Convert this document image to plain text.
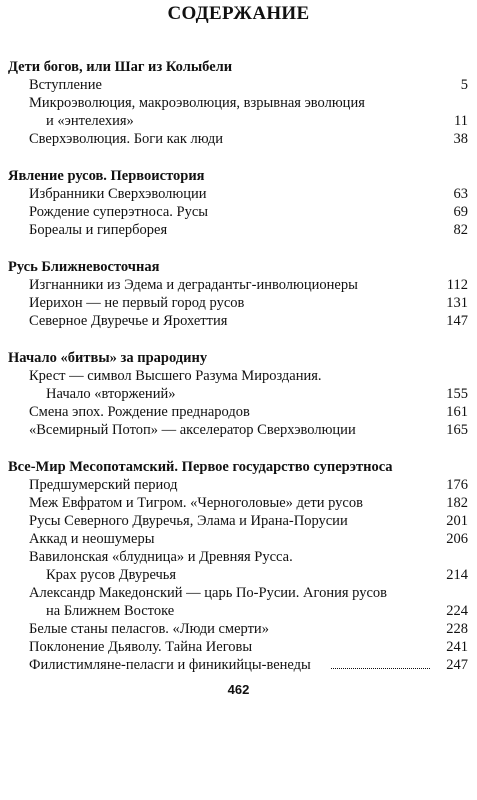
СОДЕРЖАНИЕ
Дети богов, или Шаг из Колыбели
Вступление	5
Микроэволюция, макроэволюция, взрывная эволюция
и «энтелехия»	11
Сверхэволюция. Боги как люди	38
Явление русов. Первоистория
Избранники Сверхэволюции	63
Рождение суперэтноса. Русы	69
Бореалы и гиперборея	82
Русь Ближневосточная
Изгнанники из Эдема и деградантьг-инволюционеры	112
Иерихон — не первый город русов	131
Северное Двуречье и Ярохеттия	147
Начало «битвы» за прародину
Крест — символ Высшего Разума Мироздания.
Начало «вторжений»	155
Смена эпох. Рождение преднародов	161
«Всемирный Потоп» — акселератор Сверхэволюции	165
Все-Мир Месопотамский. Первое государство суперэтноса
Предшумерский период	176
Меж Евфратом и Тигром. «Черноголовые» дети русов	182
Русы Северного Двуречья, Элама и Ирана-Порусии	201
Аккад и неошумеры	206
Вавилонская «блудница» и Древняя Русса.
Крах русов Двуречья	214
Александр Македонский — царь По-Русии. Агония русов
на Ближнем Востоке	224
Белые станы пеласгов. «Люди смерти»	228
Поклонение Дьяволу. Тайна Иеговы	241
Филистимляне-пеласги и финикийцы-венеды	247
462
